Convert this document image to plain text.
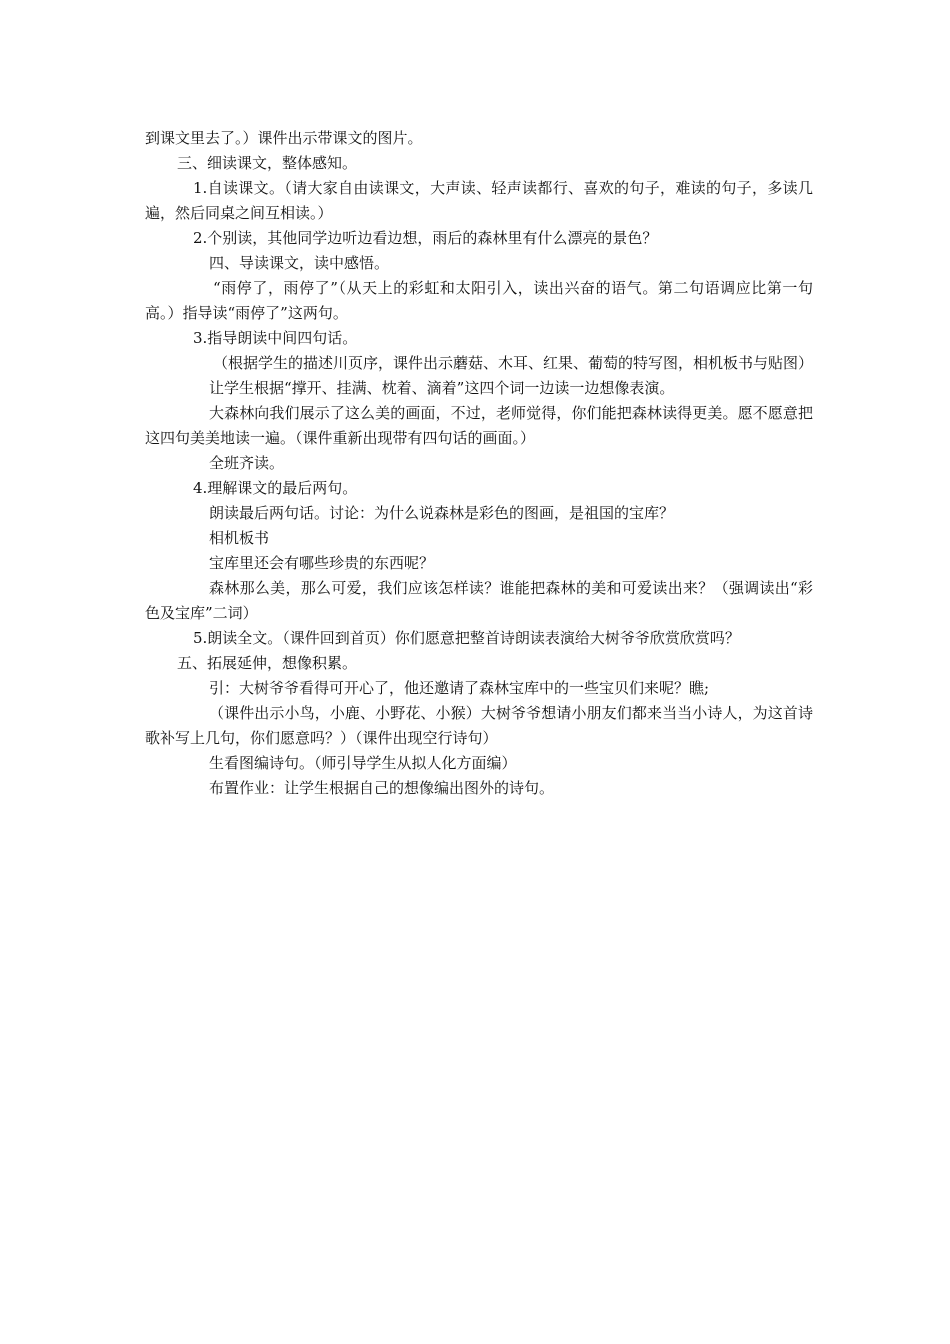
到课文里去了。）课件出示带课文的图片。

三、细读课文，整体感知。

1.自读课文。（请大家自由读课文，大声读、轻声读都行、喜欢的句子，难读的句子，多读几遍，然后同桌之间互相读。）

2.个别读，其他同学边听边看边想，雨后的森林里有什么漂亮的景色？

四、导读课文，读中感悟。

“雨停了，雨停了”（从天上的彩虹和太阳引入，读出兴奋的语气。第二句语调应比第一句高。）指导读“雨停了”这两句。

3.指导朗读中间四句话。

（根据学生的描述川页序，课件出示蘑菇、木耳、红果、葡萄的特写图，相机板书与贴图）

让学生根据“撑开、挂满、枕着、滴着”这四个词一边读一边想像表演。

大森林向我们展示了这么美的画面，不过，老师觉得，你们能把森林读得更美。愿不愿意把这四句美美地读一遍。（课件重新出现带有四句话的画面。）

全班齐读。

4.理解课文的最后两句。

朗读最后两句话。讨论：为什么说森林是彩色的图画，是祖国的宝库？

相机板书

宝库里还会有哪些珍贵的东西呢？

森林那么美，那么可爱，我们应该怎样读？谁能把森林的美和可爱读出来？（强调读出“彩色及宝库”二词）

5.朗读全文。（课件回到首页）你们愿意把整首诗朗读表演给大树爷爷欣赏欣赏吗？

五、拓展延伸，想像积累。

引：大树爷爷看得可开心了，他还邀请了森林宝库中的一些宝贝们来呢？瞧;

（课件出示小鸟，小鹿、小野花、小猴）大树爷爷想请小朋友们都来当当小诗人，为这首诗歌补写上几句，你们愿意吗？）（课件出现空行诗句）

生看图编诗句。（师引导学生从拟人化方面编）

布置作业：让学生根据自己的想像编出图外的诗句。
